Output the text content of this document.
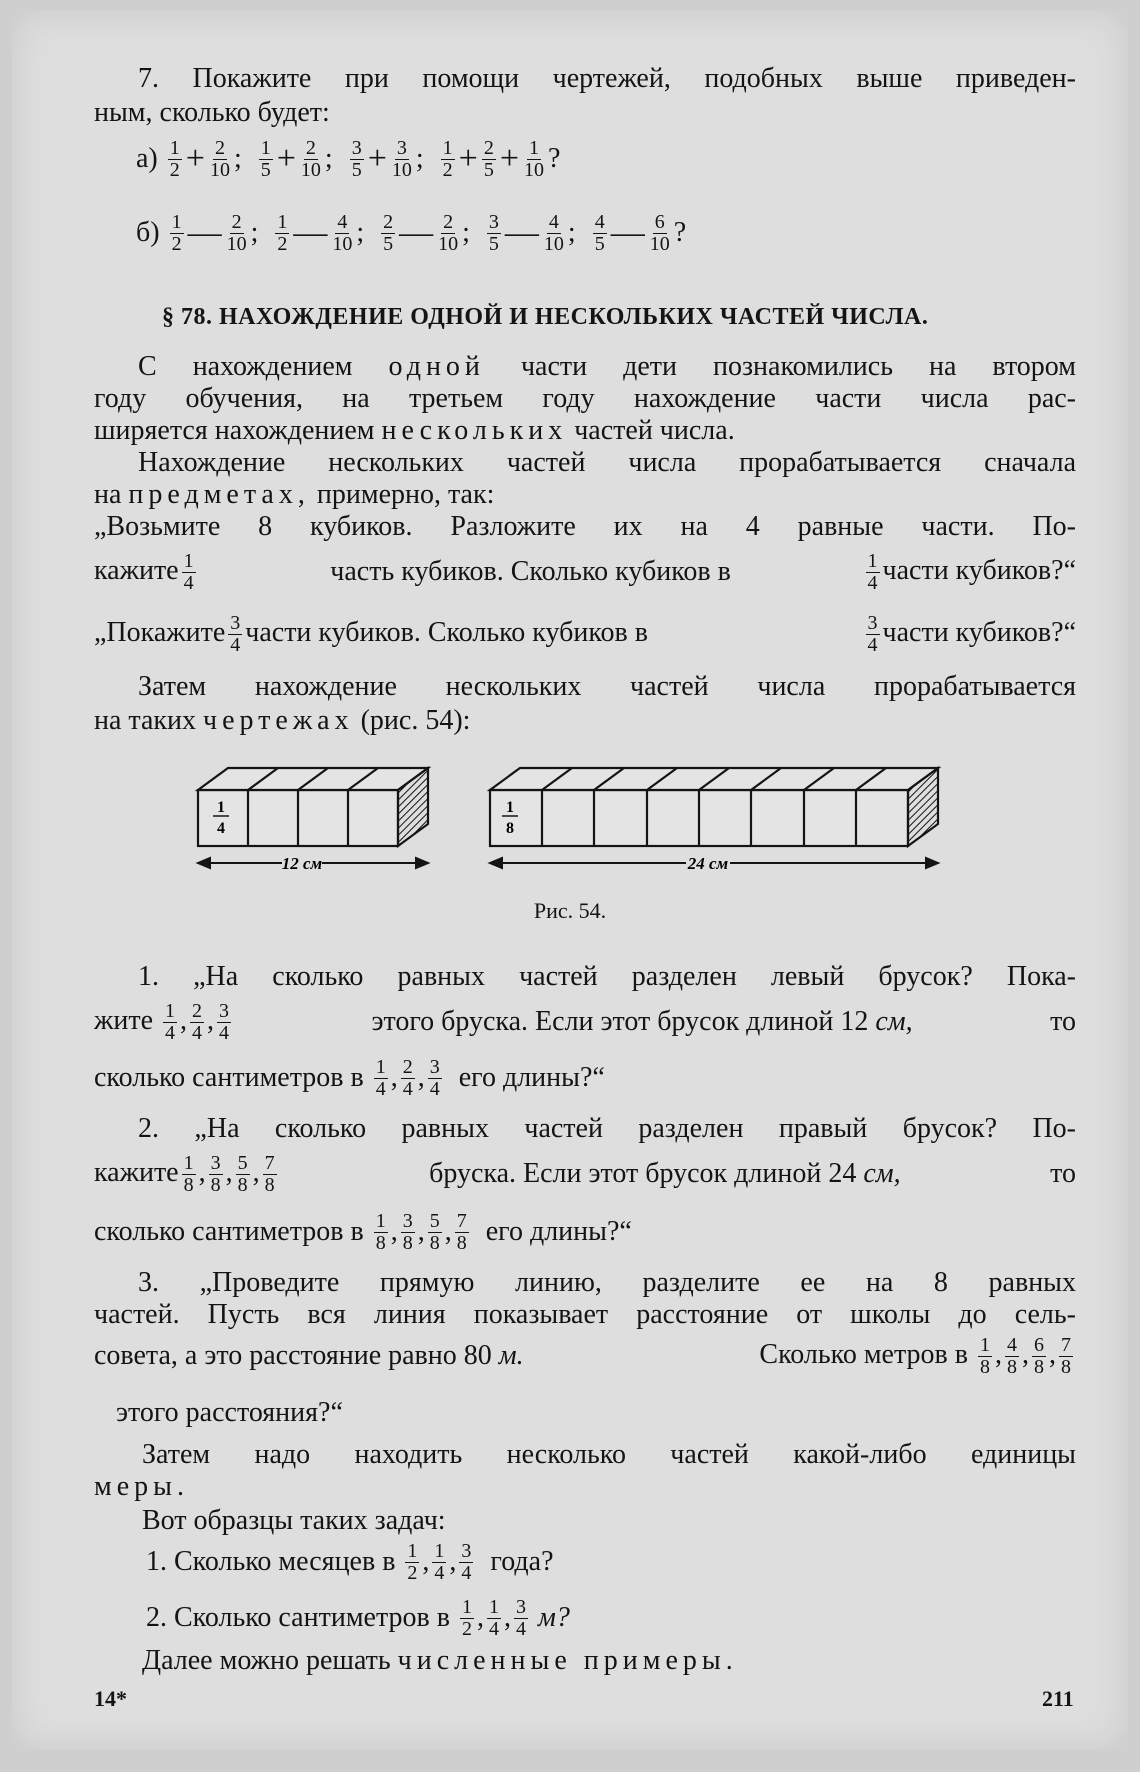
7. Покажите при помощи чертежей, подобных выше приведен-
ным, сколько будет:
а)
$\frac{1}{2} + \frac{2}{10}$ ;
$\frac{1}{5} + \frac{2}{10}$ ;
$\frac{3}{5} + \frac{3}{10}$ ;
$\frac{1}{2} + \frac{2}{5} + \frac{1}{10}$ ?
б)
$\frac{1}{2}$ — $\frac{2}{10}$ ;
$\frac{1}{2}$ — $\frac{4}{10}$ ;
$\frac{2}{5}$ — $\frac{2}{10}$ ;
$\frac{3}{5}$ — $\frac{4}{10}$ ;
$\frac{4}{5}$ — $\frac{6}{10}$ ?
§ 78. НАХОЖДЕНИЕ ОДНОЙ И НЕСКОЛЬКИХ ЧАСТЕЙ ЧИСЛА.
С нахождением одной части дети познакомились на втором
году обучения, на третьем году нахождение части числа рас-
ширяется нахождением нескольких частей числа.
Нахождение нескольких частей числа прорабатывается сначала
на предметах, примерно, так:
„Возьмите 8 кубиков. Разложите их на 4 равные части. По-
кажите $\frac{1}{4}$	часть кубиков. Сколько кубиков в	$\frac{1}{4}$ части кубиков?“
„Покажите $\frac{3}{4}$ части кубиков. Сколько кубиков в	$\frac{3}{4}$ части кубиков?“
Затем нахождение нескольких частей числа прорабатывается
на таких чертежах (рис. 54):
1
4
12 см
1
8
24 см
Рис. 54.
1. „На сколько равных частей разделен левый брусок? Пока-
жите $\frac{1}{4}$ , $\frac{2}{4}$ , $\frac{3}{4}$	этого бруска. Если этот брусок длиной 12 см,	то
сколько сантиметров в
$\frac{1}{4}$ , $\frac{2}{4}$ , $\frac{3}{4}$
его длины?“
2. „На сколько равных частей разделен правый брусок? По-
кажите $\frac{1}{8}$ , $\frac{3}{8}$ , $\frac{5}{8}$ , $\frac{7}{8}$	бруска. Если этот брусок длиной 24 см,	то
сколько сантиметров в
$\frac{1}{8}$ , $\frac{3}{8}$ , $\frac{5}{8}$ , $\frac{7}{8}$
его длины?“
3. „Проведите прямую линию, разделите ее на 8 равных
частей. Пусть вся линия показывает расстояние от школы до сель-
совета, а это расстояние равно 80 м.	Сколько метров в $\frac{1}{8}$ , $\frac{4}{8}$ , $\frac{6}{8}$ , $\frac{7}{8}$
этого расстояния?“
Затем надо находить несколько частей какой-либо единицы
меры.
Вот образцы таких задач:
1. Сколько месяцев в
$\frac{1}{2}$ , $\frac{1}{4}$ , $\frac{3}{4}$
года?
2. Сколько сантиметров в
$\frac{1}{2}$ , $\frac{1}{4}$ , $\frac{3}{4}$
м?
Далее можно решать численные примеры.
14*	211
